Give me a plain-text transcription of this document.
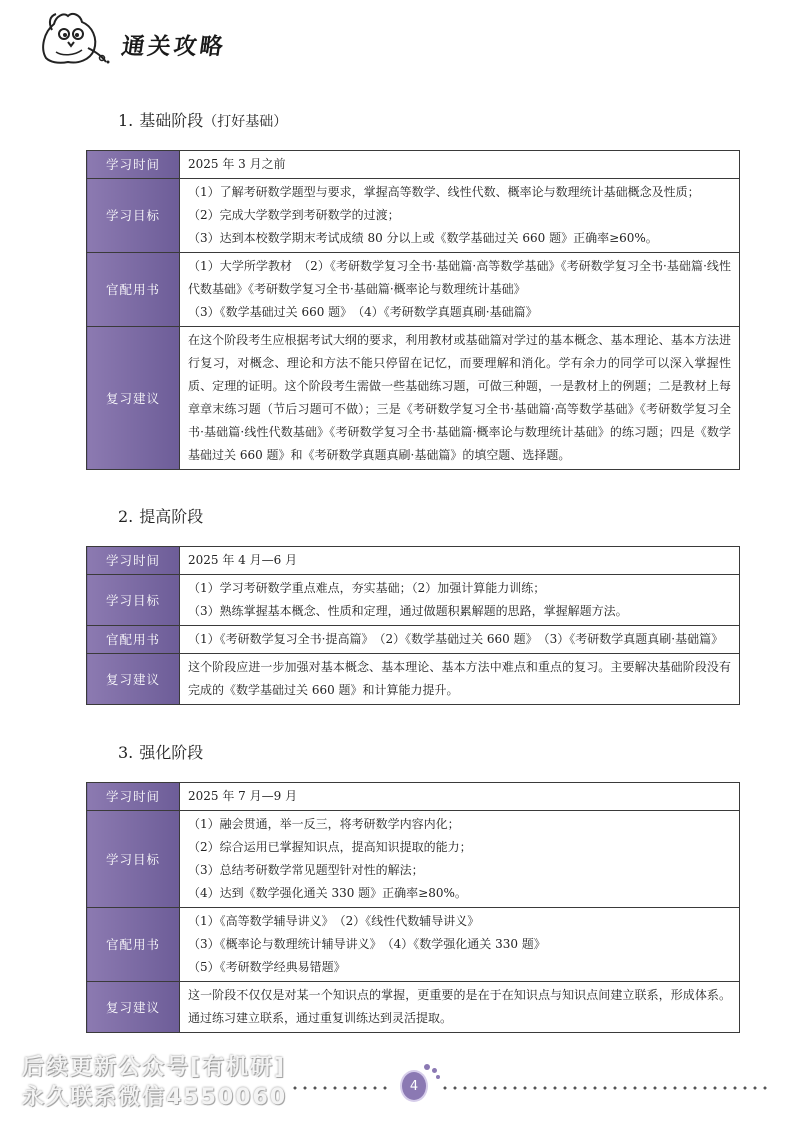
通关攻略
1. 基础阶段（打好基础）
学习时间	2025 年 3 月之前

学习目标	（1）了解考研数学题型与要求，掌握高等数学、线性代数、概率论与数理统计基础概念及性质；
（2）完成大学数学到考研数学的过渡；
（3）达到本校数学期末考试成绩 80 分以上或《数学基础过关 660 题》正确率≥60%。

官配用书	（1）大学所学教材　（2）《考研数学复习全书·基础篇·高等数学基础》《考研数学复习全书·基础篇·线性代数基础》《考研数学复习全书·基础篇·概率论与数理统计基础》
（3）《数学基础过关 660 题》　（4）《考研数学真题真刷·基础篇》

复习建议	在这个阶段考生应根据考试大纲的要求，利用教材或基础篇对学过的基本概念、基本理论、基本方法进行复习，对概念、理论和方法不能只停留在记忆，而要理解和消化。学有余力的同学可以深入掌握性质、定理的证明。这个阶段考生需做一些基础练习题，可做三种题，一是教材上的例题；二是教材上每章章末练习题（节后习题可不做）；三是《考研数学复习全书·基础篇·高等数学基础》《考研数学复习全书·基础篇·线性代数基础》《考研数学复习全书·基础篇·概率论与数理统计基础》的练习题；四是《数学基础过关 660 题》和《考研数学真题真刷·基础篇》的填空题、选择题。
2. 提高阶段
学习时间	2025 年 4 月—6 月

学习目标	（1）学习考研数学重点难点，夯实基础；（2）加强计算能力训练；
（3）熟练掌握基本概念、性质和定理，通过做题积累解题的思路，掌握解题方法。

官配用书	（1）《考研数学复习全书·提高篇》　（2）《数学基础过关 660 题》　（3）《考研数学真题真刷·基础篇》

复习建议	这个阶段应进一步加强对基本概念、基本理论、基本方法中难点和重点的复习。主要解决基础阶段没有完成的《数学基础过关 660 题》和计算能力提升。
3. 强化阶段
学习时间	2025 年 7 月—9 月

学习目标	（1）融会贯通，举一反三，将考研数学内容内化；
（2）综合运用已掌握知识点，提高知识提取的能力；
（3）总结考研数学常见题型针对性的解法；
（4）达到《数学强化通关 330 题》正确率≥80%。

官配用书	（1）《高等数学辅导讲义》　（2）《线性代数辅导讲义》
（3）《概率论与数理统计辅导讲义》　（4）《数学强化通关 330 题》
（5）《考研数学经典易错题》

复习建议	这一阶段不仅仅是对某一个知识点的掌握，更重要的是在于在知识点与知识点间建立联系，形成体系。通过练习建立联系，通过重复训练达到灵活提取。
后续更新公众号[有机研]
永久联系微信4550060	4
